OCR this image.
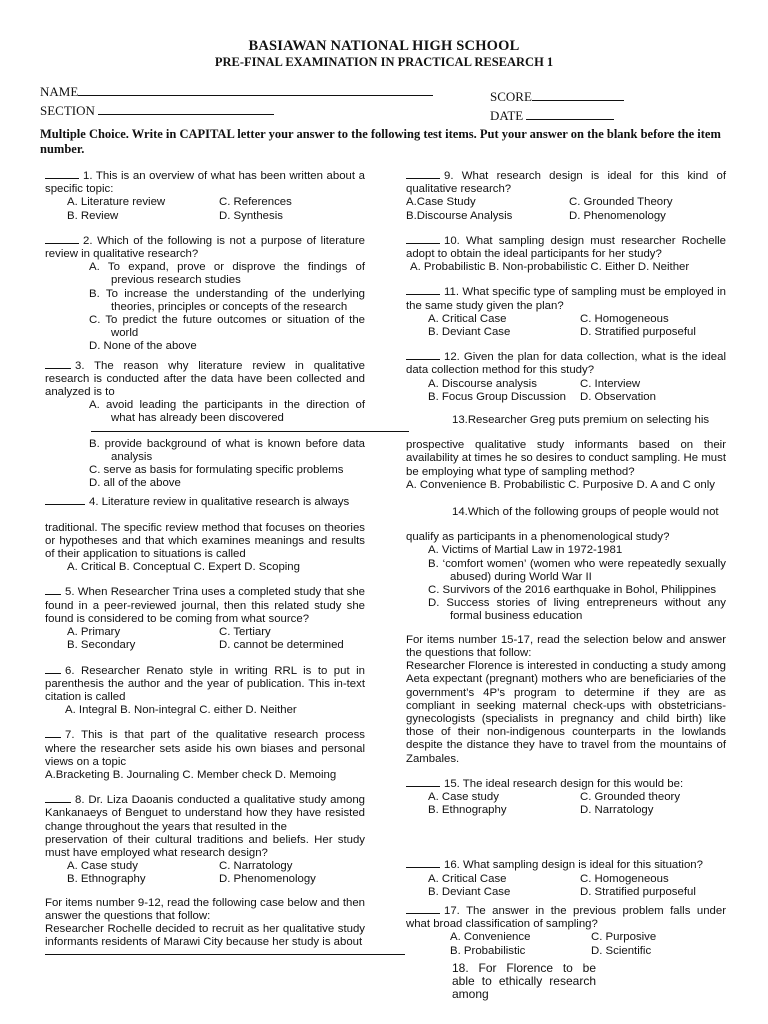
BASIAWAN NATIONAL HIGH SCHOOL
PRE-FINAL EXAMINATION IN PRACTICAL RESEARCH 1
NAME
SECTION
SCORE
DATE
Multiple Choice. Write in CAPITAL letter your answer to the following test items. Put your answer on the blank before the item number.
1. This is an overview of what has been written about a specific topic:
A. Literature review	C. References
B. Review	D. Synthesis
2. Which of the following is not a purpose of literature review in qualitative research?
A. To expand, prove or disprove the findings of previous research studies
B. To increase the understanding of the underlying theories, principles or concepts of the research
C. To predict the future outcomes or situation of the world
D. None of the above
3. The reason why literature review in qualitative research is conducted after the data have been collected and analyzed is to
A. avoid leading the participants in the direction of what has already been discovered
B. provide background of what is known before data analysis
C. serve as basis for formulating specific problems
D. all of the above
4. Literature review in qualitative research is always
traditional. The specific review method that focuses on theories or hypotheses and that which examines meanings and results of their application to situations is called
A. Critical B. Conceptual C. Expert D. Scoping
5. When Researcher Trina uses a completed study that she found in a peer-reviewed journal, then this related study she found is considered to be coming from what source?
A. Primary	C. Tertiary
B. Secondary	D. cannot be determined
6. Researcher Renato style in writing RRL is to put in parenthesis the author and the year of publication. This in-text citation is called
A. Integral B. Non-integral C. either D. Neither
7. This is that part of the qualitative research process where the researcher sets aside his own biases and personal views on a topic
A.Bracketing B. Journaling C. Member check D. Memoing
8. Dr. Liza Daoanis conducted a qualitative study among Kankanaeys of Benguet to understand how they have resisted change throughout the years that resulted in the
preservation of their cultural traditions and beliefs. Her study must have employed what research design?
A. Case study	C. Narratology
B. Ethnography	D. Phenomenology
For items number 9-12, read the following case below and then answer the questions that follow:
Researcher Rochelle decided to recruit as her qualitative study informants residents of Marawi City because her study is about
9. What research design is ideal for this kind of qualitative research?
A.Case Study	C. Grounded Theory
B.Discourse Analysis	D. Phenomenology
10. What sampling design must researcher Rochelle adopt to obtain the ideal participants for her study?
A. Probabilistic B. Non-probabilistic C. Either D. Neither
11. What specific type of sampling must be employed in the same study given the plan?
A. Critical Case	C. Homogeneous
B. Deviant Case	D. Stratified purposeful
12. Given the plan for data collection, what is the ideal data collection method for this study?
A. Discourse analysis	C. Interview
B. Focus Group Discussion	D. Observation
13.Researcher Greg puts premium on selecting his
prospective qualitative study informants based on their availability at times he so desires to conduct sampling. He must be employing what type of sampling method?
A. Convenience B. Probabilistic C. Purposive D. A and C only
14.Which of the following groups of people would not
qualify as participants in a phenomenological study?
A. Victims of Martial Law in 1972-1981
B. ‘comfort women’ (women who were repeatedly sexually abused) during World War II
C. Survivors of the 2016 earthquake in Bohol, Philippines
D. Success stories of living entrepreneurs without any formal business education
For items number 15-17, read the selection below and answer the questions that follow:
Researcher Florence is interested in conducting a study among Aeta expectant (pregnant) mothers who are beneficiaries of the government’s 4P’s program to determine if they are as compliant in seeking maternal check-ups with obstetricians-gynecologists (specialists in pregnancy and child birth) like those of their non-indigenous counterparts in the lowlands despite the distance they have to travel from the mountains of Zambales.
15. The ideal research design for this would be:
A. Case study	C. Grounded theory
B. Ethnography	D. Narratology
16. What sampling design is ideal for this situation?
A. Critical Case	C. Homogeneous
B. Deviant Case	D. Stratified purposeful
17. The answer in the previous problem falls under what broad classification of sampling?
A. Convenience	C. Purposive
B. Probabilistic	D. Scientific
18. For Florence to be able to ethically research among
